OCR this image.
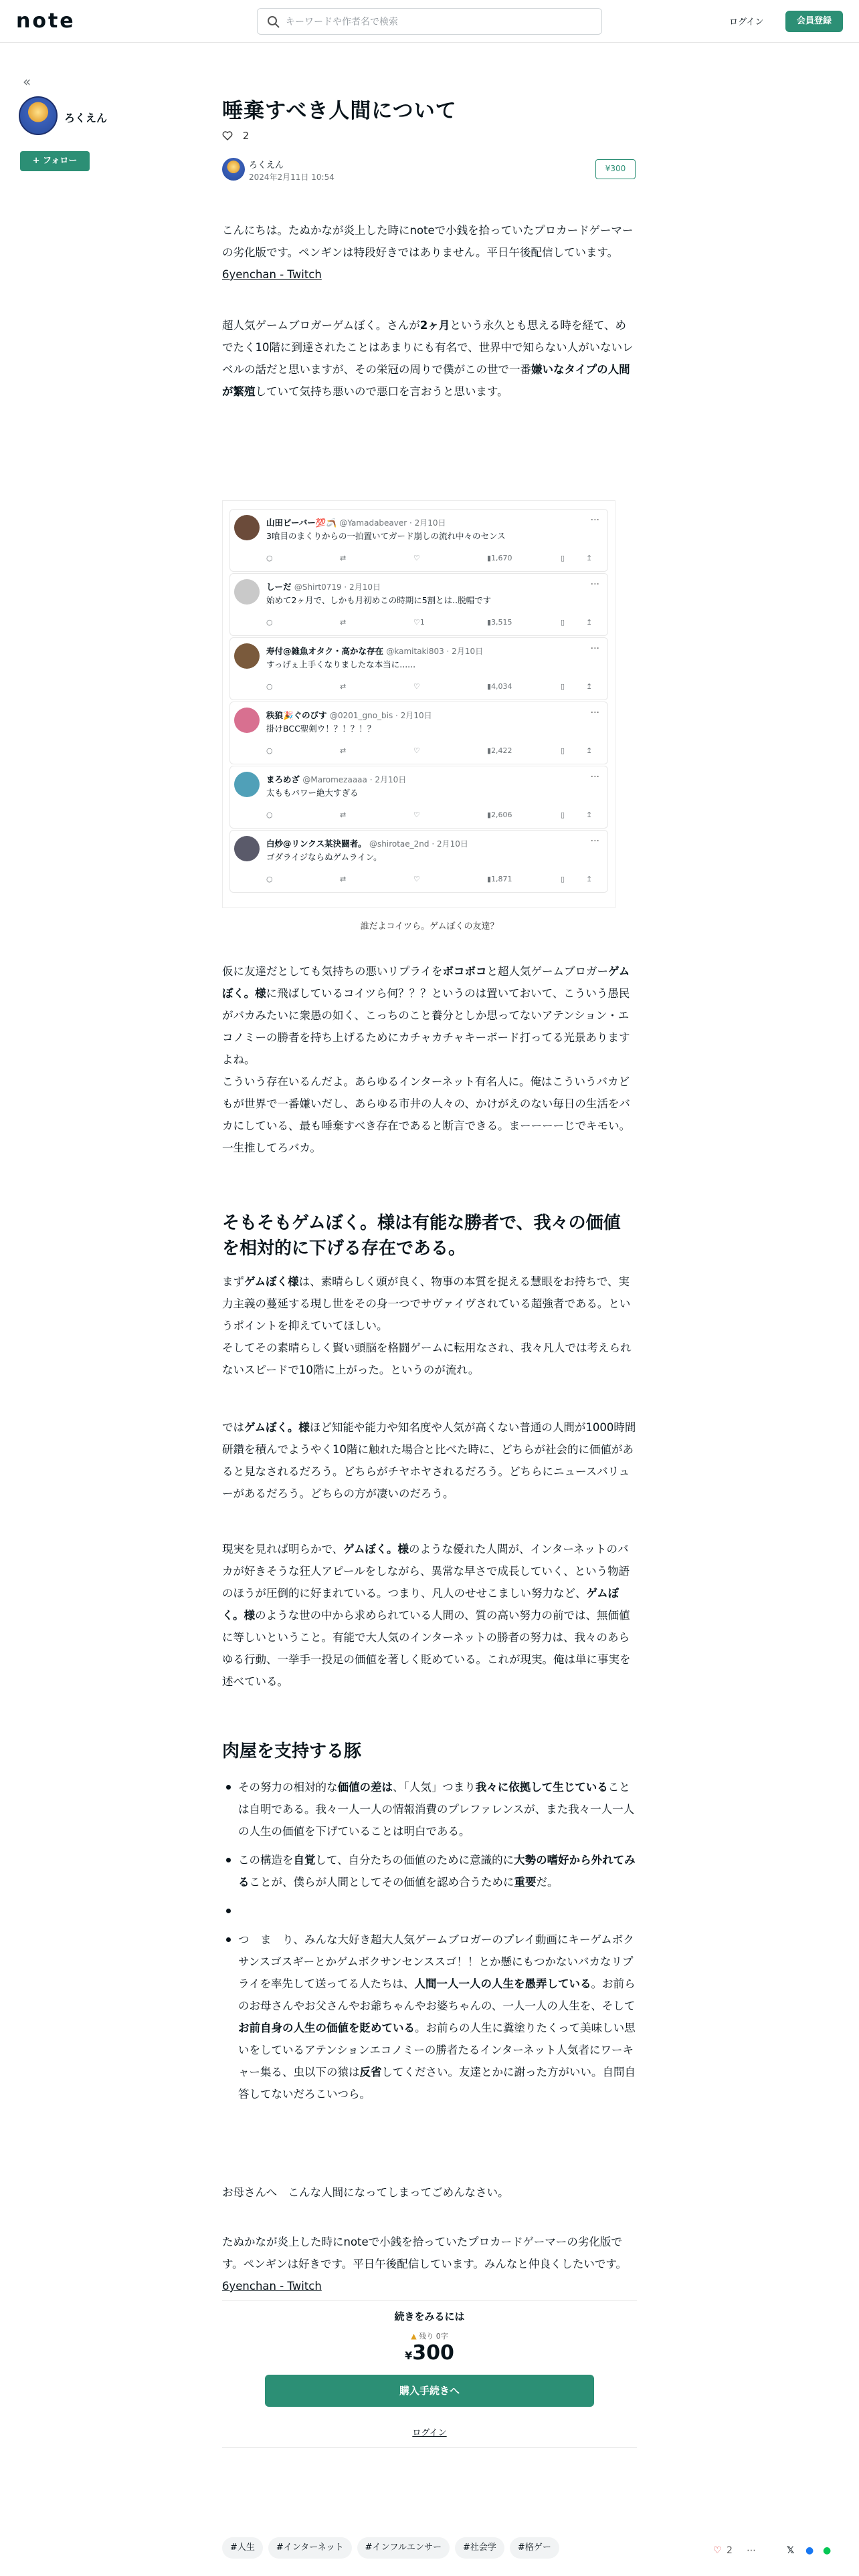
note
キーワードや作者名で検索	ログイン	会員登録
«
ろくえん
+ フォロー
唾棄すべき人間について
2
ろくえん
2024年2月11日 10:54
¥300
こんにちは。たぬかなが炎上した時にnoteで小銭を拾っていたプロカードゲーマーの劣化版です。ペンギンは特段好きではありません。平日午後配信しています。6yenchan - Twitch
超人気ゲームブロガーゲムぼく。さんが2ヶ月という永久とも思える時を経て、めでたく10階に到達されたことはあまりにも有名で、世界中で知らない人がいないレベルの話だと思いますが、その栄冠の周りで僕がこの世で一番嫌いなタイプの人間が繁殖していて気持ち悪いので悪口を言おうと思います。
山田ビーバー💯🪃 @Yamadabeaver · 2月10日
3喰目のまくりからの一拍置いてガード崩しの流れ中々のセンス
···
○	⇄	♡	▮ 1,670	▯	↥
しーだ @Shirt0719 · 2月10日
始めて2ヶ月で、しかも月初めこの時期に5割とは..脱帽です
···
○	⇄	♡ 1	▮ 3,515	▯	↥
寿付@雑魚オタク・高かな存在 @kamitaki803 · 2月10日
すっげぇ上手くなりましたな本当に......
···
○	⇄	♡	▮ 4,034	▯	↥
秩狼🎉ぐのびす @0201_gno_bis · 2月10日
掛けBCC聖剣ウ！？！？！？
···
○	⇄	♡	▮ 2,422	▯	↥
まろめざ @Maromezaaaa · 2月10日
太ももパワー絶大すぎる
···
○	⇄	♡	▮ 2,606	▯	↥
白炒@リンクス某決闘者。 @shirotae_2nd · 2月10日
ゴダライジならぬゲムライン。
···
○	⇄	♡	▮ 1,871	▯	↥
誰だよコイツら。ゲムぼくの友達？
仮に友達だとしても気持ちの悪いリプライをボコボコと超人気ゲームブロガーゲムぼく。様に飛ばしているコイツら何？？？というのは置いておいて、こういう愚民がバカみたいに衆愚の如く、こっちのこと養分としか思ってないアテンション・エコノミーの勝者を持ち上げるためにカチャカチャキーボード打ってる光景ありますよね。
こういう存在いるんだよ。あらゆるインターネット有名人に。俺はこういうバカどもが世界で一番嫌いだし、あらゆる市井の人々の、かけがえのない毎日の生活をバカにしている、最も唾棄すべき存在であると断言できる。まーーーーじでキモい。一生推してろバカ。
そもそもゲムぼく。様は有能な勝者で、我々の価値を相対的に下げる存在である。
まずゲムぼく様は、素晴らしく頭が良く、物事の本質を捉える慧眼をお持ちで、実力主義の蔓延する現し世をその身一つでサヴァイヴされている超強者である。というポイントを抑えていてほしい。
そしてその素晴らしく賢い頭脳を格闘ゲームに転用なされ、我々凡人では考えられないスピードで10階に上がった。というのが流れ。
ではゲムぼく。様ほど知能や能力や知名度や人気が高くない普通の人間が1000時間研鑽を積んでようやく10階に触れた場合と比べた時に、どちらが社会的に価値があると見なされるだろう。どちらがチヤホヤされるだろう。どちらにニュースバリューがあるだろう。どちらの方が凄いのだろう。
現実を見れば明らかで、ゲムぼく。様のような優れた人間が、インターネットのバカが好きそうな狂人アピールをしながら、異常な早さで成長していく、という物語のほうが圧倒的に好まれている。つまり、凡人のせせこましい努力など、ゲムぼく。様のような世の中から求められている人間の、質の高い努力の前では、無価値に等しいということ。有能で大人気のインターネットの勝者の努力は、我々のあらゆる行動、一挙手一投足の価値を著しく貶めている。これが現実。俺は単に事実を述べている。
肉屋を支持する豚
その努力の相対的な価値の差は、「人気」つまり我々に依拠して生じていることは自明である。我々一人一人の情報消費のプレファレンスが、また我々一人一人の人生の価値を下げていることは明白である。
この構造を自覚して、自分たちの価値のために意識的に大勢の嗜好から外れてみることが、僕らが人間としてその価値を認め合うために重要だ。
つ　ま　り、みんな大好き超大人気ゲームブロガーのプレイ動画にキーゲムボクサンスゴスギーとかゲムボクサンセンススゴ！！とか懸にもつかないバカなリプライを率先して送ってる人たちは、人間一人一人の人生を愚弄している。お前らのお母さんやお父さんやお爺ちゃんやお婆ちゃんの、一人一人の人生を、そしてお前自身の人生の価値を貶めている。お前らの人生に糞塗りたくって美味しい思いをしているアテンションエコノミーの勝者たるインターネット人気者にワーキャー集る、虫以下の猿は反省してください。友達とかに謝った方がいい。自問自答してないだろこいつら。
お母さんへ　こんな人間になってしまってごめんなさい。
たぬかなが炎上した時にnoteで小銭を拾っていたプロカードゲーマーの劣化版です。ペンギンは好きです。平日午後配信しています。みんなと仲良くしたいです。6yenchan - Twitch
続きをみるには
▲ 残り 0字
¥300
購入手続きへ
ログイン
#人生 #インターネット #インフルエンサー #社会学 #格ゲー	♡ 2 ⋯	𝕏 ● ●
